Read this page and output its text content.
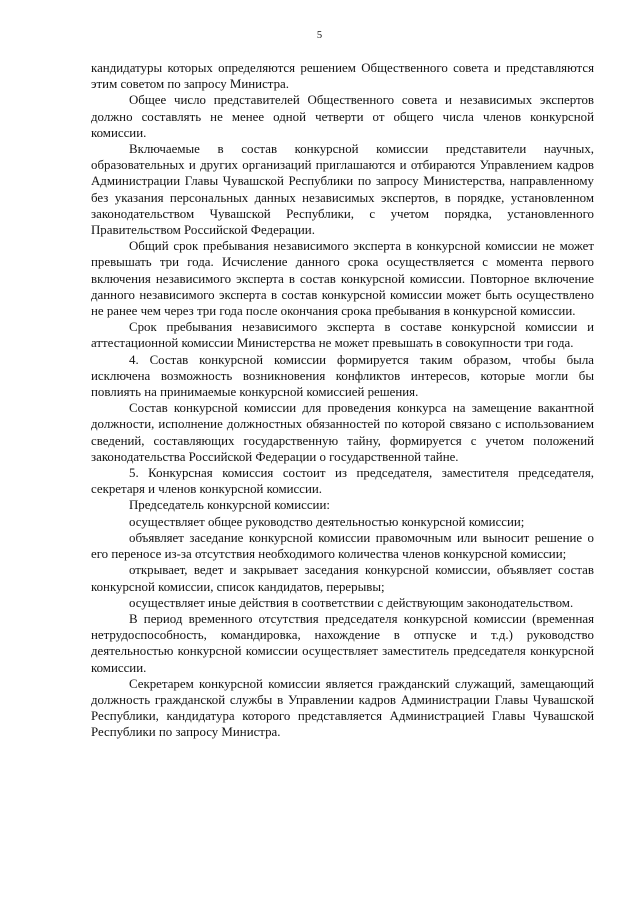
5

кандидатуры которых определяются решением Общественного совета и представляются этим советом по запросу Министра.

Общее число представителей Общественного совета и независимых экспертов должно составлять не менее одной четверти от общего числа членов конкурсной комиссии.

Включаемые в состав конкурсной комиссии представители научных, образовательных и других организаций приглашаются и отбираются Управлением кадров Администрации Главы Чувашской Республики по запросу Министерства, направленному без указания персональных данных независимых экспертов, в порядке, установленном законодательством Чувашской Республики, с учетом порядка, установленного Правительством Российской Федерации.

Общий срок пребывания независимого эксперта в конкурсной комиссии не может превышать три года. Исчисление данного срока осуществляется с момента первого включения независимого эксперта в состав конкурсной комиссии. Повторное включение данного независимого эксперта в состав конкурсной комиссии может быть осуществлено не ранее чем через три года после окончания срока пребывания в конкурсной комиссии.

Срок пребывания независимого эксперта в составе конкурсной комиссии и аттестационной комиссии Министерства не может превышать в совокупности три года.

4. Состав конкурсной комиссии формируется таким образом, чтобы была исключена возможность возникновения конфликтов интересов, которые могли бы повлиять на принимаемые конкурсной комиссией решения.

Состав конкурсной комиссии для проведения конкурса на замещение вакантной должности, исполнение должностных обязанностей по которой связано с использованием сведений, составляющих государственную тайну, формируется с учетом положений законодательства Российской Федерации о государственной тайне.

5. Конкурсная комиссия состоит из председателя, заместителя председателя, секретаря и членов конкурсной комиссии.

Председатель конкурсной комиссии:

осуществляет общее руководство деятельностью конкурсной комиссии;

объявляет заседание конкурсной комиссии правомочным или выносит решение о его переносе из-за отсутствия необходимого количества членов конкурсной комиссии;

открывает, ведет и закрывает заседания конкурсной комиссии, объявляет состав конкурсной комиссии, список кандидатов, перерывы;

осуществляет иные действия в соответствии с действующим законодательством.

В период временного отсутствия председателя конкурсной комиссии (временная нетрудоспособность, командировка, нахождение в отпуске и т.д.) руководство деятельностью конкурсной комиссии осуществляет заместитель председателя конкурсной комиссии.

Секретарем конкурсной комиссии является гражданский служащий, замещающий должность гражданской службы в Управлении кадров Администрации Главы Чувашской Республики, кандидатура которого представляется Администрацией Главы Чувашской Республики по запросу Министра.
